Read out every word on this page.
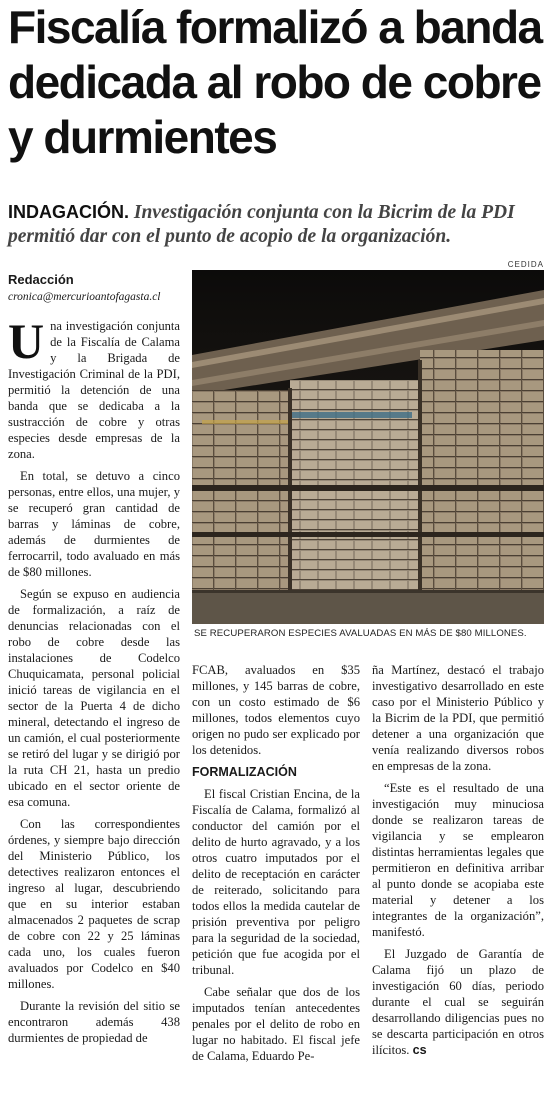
Fiscalía formalizó a banda dedicada al robo de cobre y durmientes
INDAGACIÓN. Investigación conjunta con la Bicrim de la PDI permitió dar con el punto de acopio de la organización.
Redacción
cronica@mercurioantofagasta.cl
CEDIDA
SE RECUPERARON ESPECIES AVALUADAS EN MÁS DE $80 MILLONES.

Una investigación conjunta de la Fiscalía de Calama y la Brigada de Investigación Criminal de la PDI, permitió la detención de una banda que se dedicaba a la sustracción de cobre y otras especies desde empresas de la zona.

En total, se detuvo a cinco personas, entre ellos, una mujer, y se recuperó gran cantidad de barras y láminas de cobre, además de durmientes de ferrocarril, todo avaluado en más de $80 millones.

Según se expuso en audiencia de formalización, a raíz de denuncias relacionadas con el robo de cobre desde las instalaciones de Codelco Chuquicamata, personal policial inició tareas de vigilancia en el sector de la Puerta 4 de dicho mineral, detectando el ingreso de un camión, el cual posteriormente se retiró del lugar y se dirigió por la ruta CH 21, hasta un predio ubicado en el sector oriente de esa comuna.

Con las correspondientes órdenes, y siempre bajo dirección del Ministerio Público, los detectives realizaron entonces el ingreso al lugar, descubriendo que en su interior estaban almacenados 2 paquetes de scrap de cobre con 22 y 25 láminas cada uno, los cuales fueron avaluados por Codelco en $40 millones.

Durante la revisión del sitio se encontraron además 438 durmientes de propiedad de

FCAB, avaluados en $35 millones, y 145 barras de cobre, con un costo estimado de $6 millones, todos elementos cuyo origen no pudo ser explicado por los detenidos.

FORMALIZACIÓN

El fiscal Cristian Encina, de la Fiscalía de Calama, formalizó al conductor del camión por el delito de hurto agravado, y a los otros cuatro imputados por el delito de receptación en carácter de reiterado, solicitando para todos ellos la medida cautelar de prisión preventiva por peligro para la seguridad de la sociedad, petición que fue acogida por el tribunal.

Cabe señalar que dos de los imputados tenían antecedentes penales por el delito de robo en lugar no habitado. El fiscal jefe de Calama, Eduardo Pe-

ña Martínez, destacó el trabajo investigativo desarrollado en este caso por el Ministerio Público y la Bicrim de la PDI, que permitió detener a una organización que venía realizando diversos robos en empresas de la zona.

“Este es el resultado de una investigación muy minuciosa donde se realizaron tareas de vigilancia y se emplearon distintas herramientas legales que permitieron en definitiva arribar al punto donde se acopiaba este material y detener a los integrantes de la organización”, manifestó.

El Juzgado de Garantía de Calama fijó un plazo de investigación 60 días, periodo durante el cual se seguirán desarrollando diligencias pues no se descarta participación en otros ilícitos. cs
